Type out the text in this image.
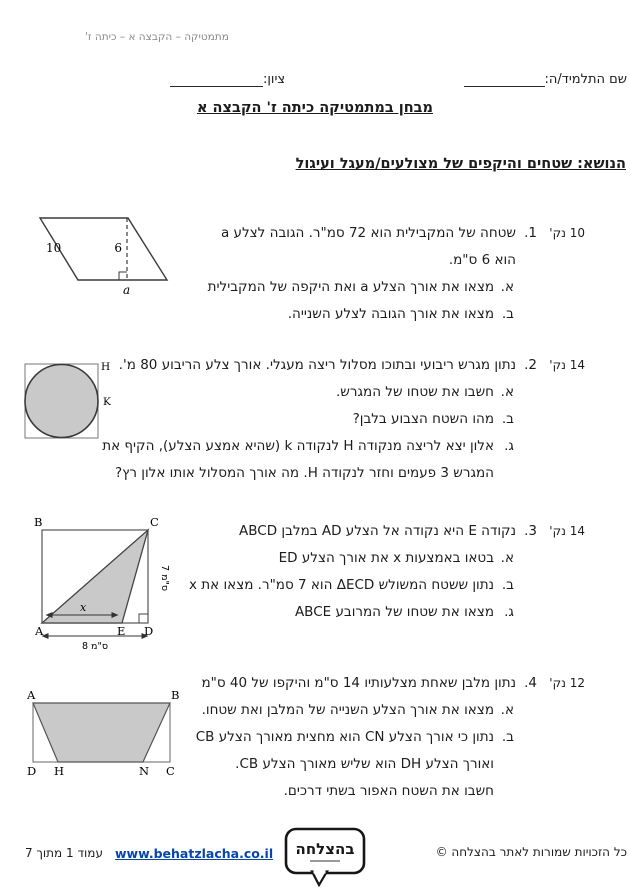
מתמטיקה – הקבצה א – כיתה ז'
שם התלמיד/ה:
ציון:
מבחן במתמטיקה כיתה ז' הקבצה א
הנושא: שטחים והיקפים של מצולעים/מעגל ועיגול
10 נק'
1.
שטחה של המקבילית הוא 72 סמ"ר. הגובה לצלע a
הוא 6 ס"מ.
א.
מצאו את אורך הצלע a ואת היקפה של המקבילית
ב.
מצאו את אורך הגובה לצלע השנייה.
10	6
a
14 נק'
2.
נתון מגרש ריבועי ובתוכו מסלול ריצה מעגלי. אורך צלע הריבוע 80 מ'.
א.
חשבו את שטחו של המגרש.
ב.
מהו השטח הצבוע בלבן?
ג.
אלון יצא לריצה מנקודה H לנקודה k (שהיא אמצע הצלע), הקיף את
המגרש 3 פעמים וחזר לנקודה H. מה אורך המסלול אותו אלון רץ?
H
K
14 נק'
3.
נקודה E היא נקודה אל הצלע AD במלבן ABCD
א.
בטאו באמצעות x את אורך הצלע ED
ב.
נתון ששטח המשולש ΔECD הוא 7 סמ"ר. מצאו את x
ג.
מצאו את שטחו של המרובע ABCE
x
B	C
A	E D
7 ס"מ
8 ס"מ
12 נק'
4.
נתון מלבן שאחת מצלעותיו 14 ס"מ והיקפו של 40 ס"מ
א.
מצאו את אורך הצלע השנייה של המלבן ואת שטחו.
ב.
נתון כי אורך הצלע CN הוא מחצית מאורך הצלע CB
ואורך הצלע DH הוא שליש מאורך הצלע CB.
חשבו את השטח האפור בשתי דרכים.
A	B
D H	N C
כל הזכויות שמורות לאתר בהצלחה ©
בהצלחה
www.behatzlacha.co.il
עמוד 1 מתוך 7
